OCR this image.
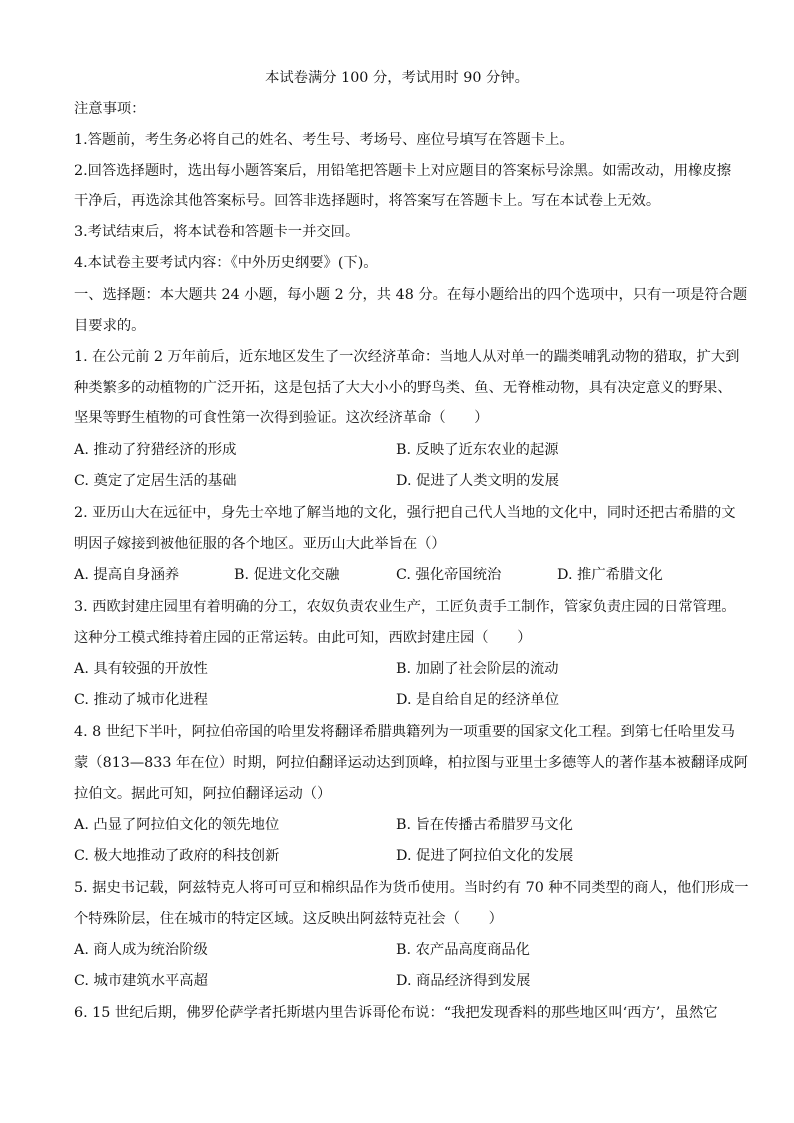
本试卷满分 100 分，考试用时 90 分钟。
注意事项：
1.答题前，考生务必将自己的姓名、考生号、考场号、座位号填写在答题卡上。
2.回答选择题时，选出每小题答案后，用铅笔把答题卡上对应题目的答案标号涂黑。如需改动，用橡皮擦
干净后，再选涂其他答案标号。回答非选择题时，将答案写在答题卡上。写在本试卷上无效。
3.考试结束后，将本试卷和答题卡一并交回。
4.本试卷主要考试内容：《中外历史纲要》(下)。
一、选择题：本大题共 24 小题，每小题 2 分，共 48 分。在每小题给出的四个选项中，只有一项是符合题
目要求的。
1. 在公元前 2 万年前后，近东地区发生了一次经济革命：当地人从对单一的踹类哺乳动物的猎取，扩大到
种类繁多的动植物的广泛开拓，这是包括了大大小小的野鸟类、鱼、无脊椎动物，具有决定意义的野果、
坚果等野生植物的可食性第一次得到验证。这次经济革命（　　）
A. 推动了狩猎经济的形成	B. 反映了近东农业的起源
C. 奠定了定居生活的基础	D. 促进了人类文明的发展
2. 亚历山大在远征中，身先士卒地了解当地的文化，强行把自己代人当地的文化中，同时还把古希腊的文
明因子嫁接到被他征服的各个地区。亚历山大此举旨在（）
A. 提高自身涵养	B. 促进文化交融	C. 强化帝国统治	D. 推广希腊文化
3. 西欧封建庄园里有着明确的分工，农奴负责农业生产，工匠负责手工制作，管家负责庄园的日常管理。
这种分工模式维持着庄园的正常运转。由此可知，西欧封建庄园（　　）
A. 具有较强的开放性	B. 加剧了社会阶层的流动
C. 推动了城市化进程	D. 是自给自足的经济单位
4. 8 世纪下半叶，阿拉伯帝国的哈里发将翻译希腊典籍列为一项重要的国家文化工程。到第七任哈里发马
蒙（813—833 年在位）时期，阿拉伯翻译运动达到顶峰，柏拉图与亚里士多德等人的著作基本被翻译成阿
拉伯文。据此可知，阿拉伯翻译运动（）
A. 凸显了阿拉伯文化的领先地位	B. 旨在传播古希腊罗马文化
C. 极大地推动了政府的科技创新	D. 促进了阿拉伯文化的发展
5. 据史书记载，阿兹特克人将可可豆和棉织品作为货币使用。当时约有 70 种不同类型的商人，他们形成一
个特殊阶层，住在城市的特定区域。这反映出阿兹特克社会（　　）
A. 商人成为统治阶级	B. 农产品高度商品化
C. 城市建筑水平高超	D. 商品经济得到发展
6. 15 世纪后期，佛罗伦萨学者托斯堪内里告诉哥伦布说：“我把发现香料的那些地区叫‘西方’，虽然它
